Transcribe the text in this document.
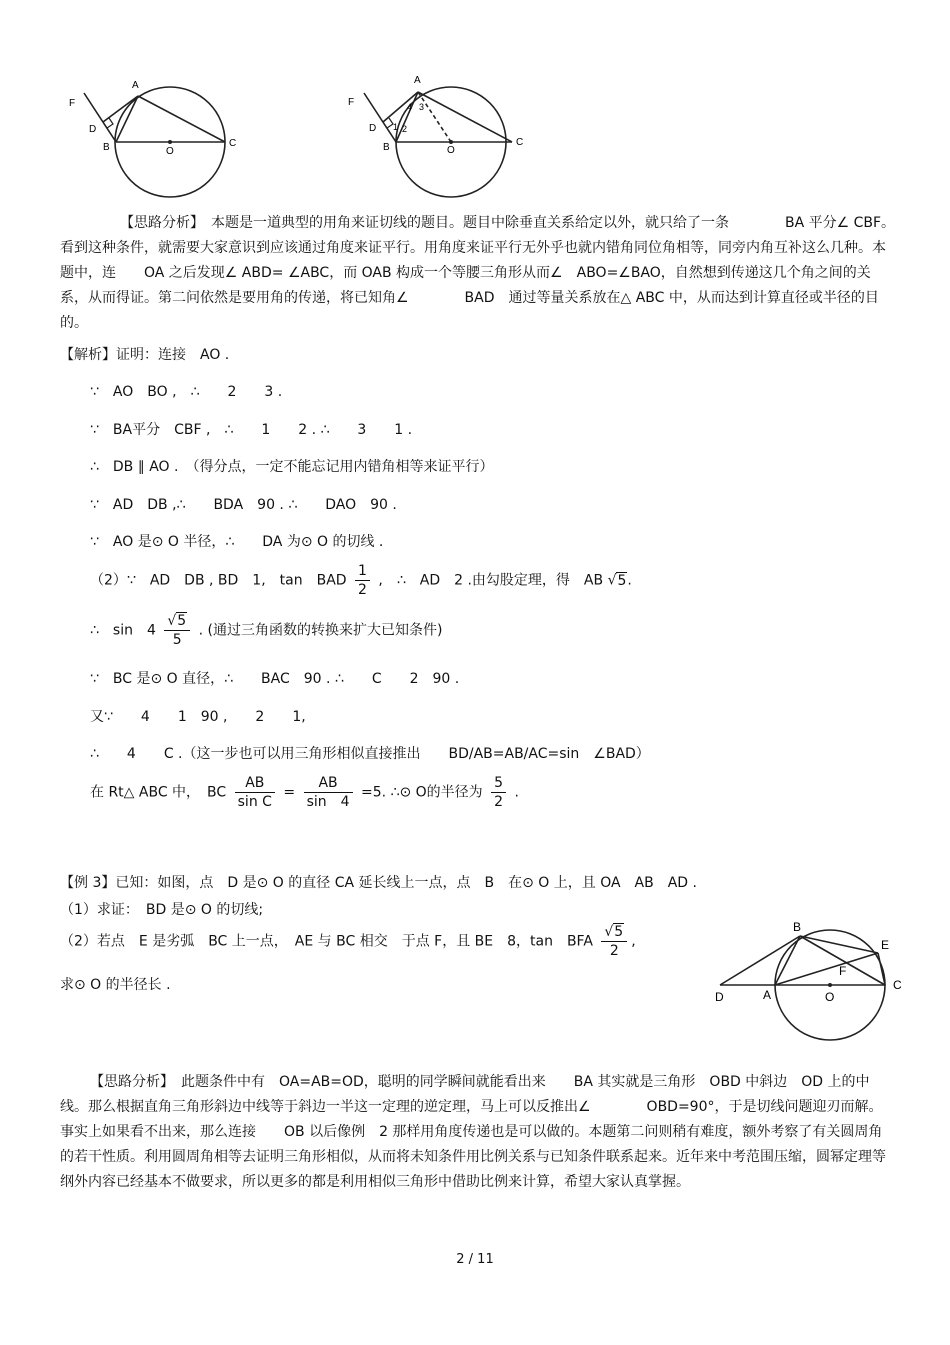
F
A
D
B	O
C
F
A
D
B	O
C
1 2
3
4
【思路分析】　本题是一道典型的用角来证切线的题目。题目中除垂直关系给定以外，就只给了一条　　　　BA 平分∠ CBF。看到这种条件，就需要大家意识到应该通过角度来证平行。用角度来证平行无外乎也就内错角同位角相等，同旁内角互补这么几种。本题中，连　　OA 之后发现∠ ABD= ∠ABC，而 OAB 构成一个等腰三角形从而∠　ABO=∠BAO，自然想到传递这几个角之间的关系，从而得证。第二问依然是要用角的传递，将已知角∠　　　　BAD　通过等量关系放在△ ABC 中，从而达到计算直径或半径的目的。
【解析】证明：连接　AO .
∵　AO　BO ,　∴　　2　　3 .
∵　BA平分　CBF ,　∴　　1　　2 . ∴　　3　　1 .
∴　DB ∥ AO .　（得分点，一定不能忘记用内错角相等来证平行）
∵　AD　DB ,∴　　BDA　90 . ∴　　DAO　90 .
∵　AO 是⊙ O 半径，∴　　DA 为⊙ O 的切线 .
（2）∵　AD　DB , BD　1,　tan　BAD $\frac{1}{2}$ ,　∴　AD　2 .由勾股定理，得　AB √5.
∴　sin　$4 \frac{√5}{5}$ . (通过三角函数的转换来扩大已知条件)
∵　BC 是⊙ O 直径，∴　　BAC　90 . ∴　　C　　2　90 .
又∵　　4　　1　90 ,　　2　　1,
∴　　4　　C .（这一步也可以用三角形相似直接推出　　BD/AB=AB/AC=sin　∠BAD）
在 Rt△ ABC 中，　BC $\frac{AB}{\text{sin C}} = \frac{AB}{\sin 4} =5$. ∴⊙ O的半径为 $\frac{5}{2}$ .
【例 3】已知：如图，点　D 是⊙ O 的直径 CA 延长线上一点，点　B　在⊙ O 上，且 OA　AB　AD .
（1）求证：　BD 是⊙ O 的切线;
（2）若点　E 是劣弧　BC 上一点，　AE 与 BC 相交　于点 F，且 BE　8，tan　BFA $\frac{√5}{2}$ ,
求⊙ O 的半径长 .
B
E
F
D	A	O
C
【思路分析】　此题条件中有　OA=AB=OD，聪明的同学瞬间就能看出来　　BA 其实就是三角形　OBD 中斜边　OD 上的中线。那么根据直角三角形斜边中线等于斜边一半这一定理的逆定理，马上可以反推出∠　　　　OBD=90°，于是切线问题迎刃而解。事实上如果看不出来，那么连接　　OB 以后像例　2 那样用角度传递也是可以做的。本题第二问则稍有难度，额外考察了有关圆周角的若干性质。利用圆周角相等去证明三角形相似，从而将未知条件用比例关系与已知条件联系起来。近年来中考范围压缩，圆幂定理等纲外内容已经基本不做要求，所以更多的都是利用相似三角形中借助比例来计算，希望大家认真掌握。
2 / 11
